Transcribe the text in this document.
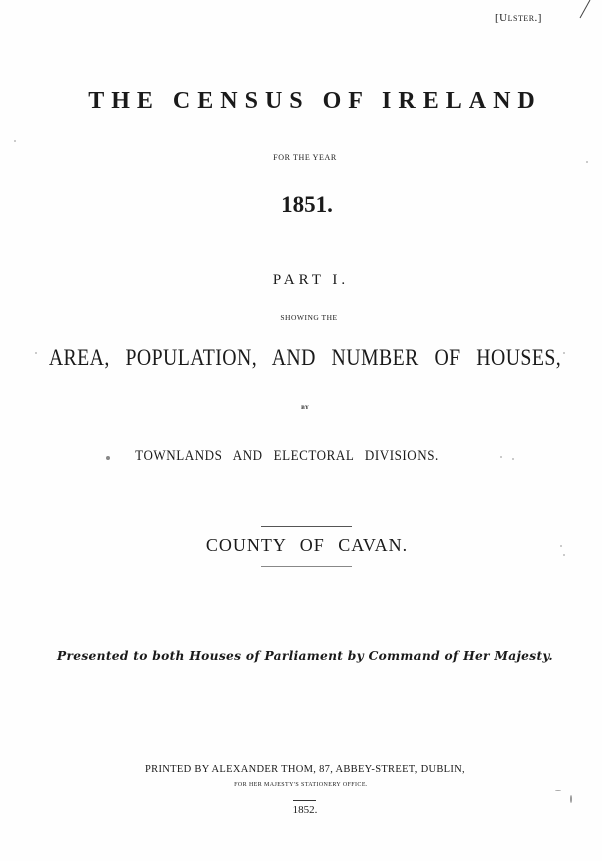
[Ulster.]
THE CENSUS OF IRELAND
FOR THE YEAR
1851.
PART I.
SHOWING THE
AREA, POPULATION, AND NUMBER OF HOUSES,
BY
TOWNLANDS AND ELECTORAL DIVISIONS.
COUNTY OF CAVAN.
Presented to both Houses of Parliament by Command of Her Majesty.
PRINTED BY ALEXANDER THOM, 87, ABBEY-STREET, DUBLIN,
FOR HER MAJESTY'S STATIONERY OFFICE.
1852.
